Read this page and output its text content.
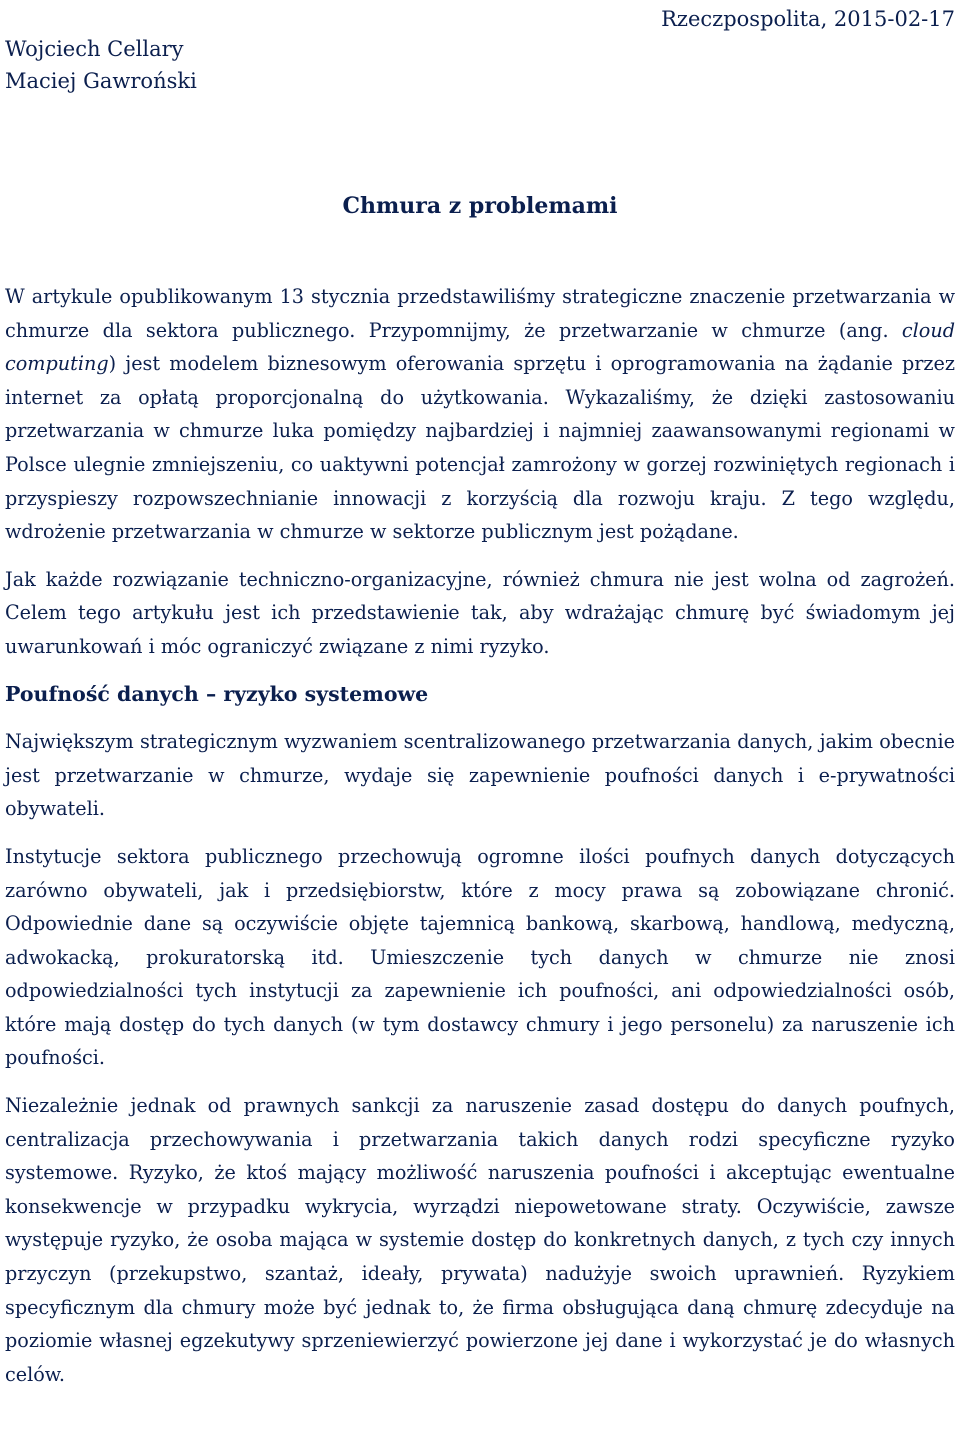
Wojciech Cellary
Maciej Gawroński
Rzeczpospolita, 2015-02-17
Chmura z problemami

W artykule opublikowanym 13 stycznia przedstawiliśmy strategiczne znaczenie przetwarzania w chmurze dla sektora publicznego. Przypomnijmy, że przetwarzanie w chmurze (ang. cloud computing) jest modelem biznesowym oferowania sprzętu i oprogramowania na żądanie przez internet za opłatą proporcjonalną do użytkowania. Wykazaliśmy, że dzięki zastosowaniu przetwarzania w chmurze luka pomiędzy najbardziej i najmniej zaawansowanymi regionami w Polsce ulegnie zmniejszeniu, co uaktywni potencjał zamrożony w gorzej rozwiniętych regionach i przyspieszy rozpowszechnianie innowacji z korzyścią dla rozwoju kraju. Z tego względu, wdrożenie przetwarzania w chmurze w sektorze publicznym jest pożądane.

Jak każde rozwiązanie techniczno-organizacyjne, również chmura nie jest wolna od zagrożeń. Celem tego artykułu jest ich przedstawienie tak, aby wdrażając chmurę być świadomym jej uwarunkowań i móc ograniczyć związane z nimi ryzyko.

Poufność danych – ryzyko systemowe

Największym strategicznym wyzwaniem scentralizowanego przetwarzania danych, jakim obecnie jest przetwarzanie w chmurze, wydaje się zapewnienie poufności danych i e-prywatności obywateli.

Instytucje sektora publicznego przechowują ogromne ilości poufnych danych dotyczących zarówno obywateli, jak i przedsiębiorstw, które z mocy prawa są zobowiązane chronić. Odpowiednie dane są oczywiście objęte tajemnicą bankową, skarbową, handlową, medyczną, adwokacką, prokuratorską itd. Umieszczenie tych danych w chmurze nie znosi odpowiedzialności tych instytucji za zapewnienie ich poufności, ani odpowiedzialności osób, które mają dostęp do tych danych (w tym dostawcy chmury i jego personelu) za naruszenie ich poufności.

Niezależnie jednak od prawnych sankcji za naruszenie zasad dostępu do danych poufnych, centralizacja przechowywania i przetwarzania takich danych rodzi specyficzne ryzyko systemowe. Ryzyko, że ktoś mający możliwość naruszenia poufności i akceptując ewentualne konsekwencje w przypadku wykrycia, wyrządzi niepowetowane straty. Oczywiście, zawsze występuje ryzyko, że osoba mająca w systemie dostęp do konkretnych danych, z tych czy innych przyczyn (przekupstwo, szantaż, ideały, prywata) nadużyje swoich uprawnień. Ryzykiem specyficznym dla chmury może być jednak to, że firma obsługująca daną chmurę zdecyduje na poziomie własnej egzekutywy sprzeniewierzyć powierzone jej dane i wykorzystać je do własnych celów.
